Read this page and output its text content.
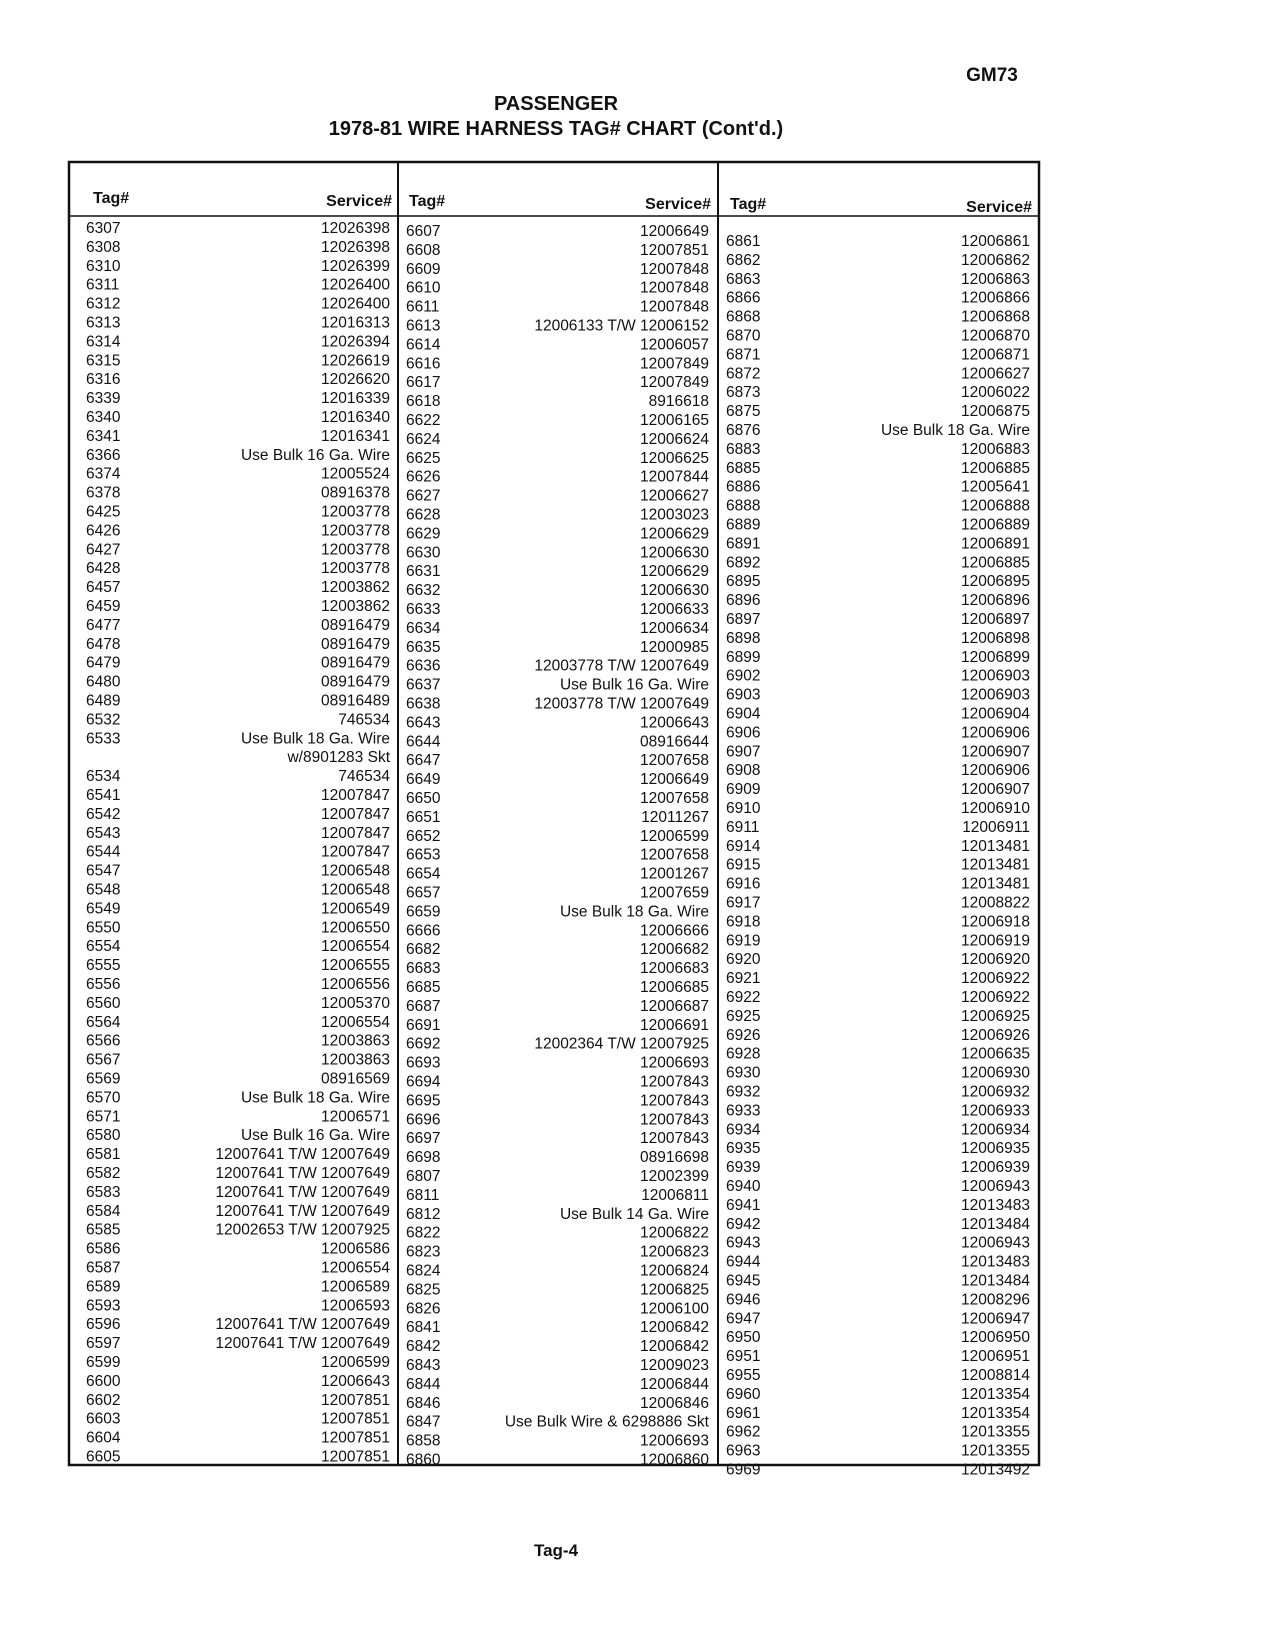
GM73
PASSENGER
1978-81 WIRE HARNESS TAG# CHART (Cont'd.)
Tag#	Service# Tag#	Service# Tag#	Service#
6307	12026398
6308	12026398
6310	12026399
6311	12026400
6312	12026400
6313	12016313
6314	12026394
6315	12026619
6316	12026620
6339	12016339
6340	12016340
6341	12016341
6366	Use Bulk 16 Ga. Wire
6374	12005524
6378	08916378
6425	12003778
6426	12003778
6427	12003778
6428	12003778
6457	12003862
6459	12003862
6477	08916479
6478	08916479
6479	08916479
6480	08916479
6489	08916489
6532	746534
6533	Use Bulk 18 Ga. Wire
w/8901283 Skt
6534	746534
6541	12007847
6542	12007847
6543	12007847
6544	12007847
6547	12006548
6548	12006548
6549	12006549
6550	12006550
6554	12006554
6555	12006555
6556	12006556
6560	12005370
6564	12006554
6566	12003863
6567	12003863
6569	08916569
6570	Use Bulk 18 Ga. Wire
6571	12006571
6580	Use Bulk 16 Ga. Wire
6581	12007641 T/W 12007649
6582	12007641 T/W 12007649
6583	12007641 T/W 12007649
6584	12007641 T/W 12007649
6585	12002653 T/W 12007925
6586	12006586
6587	12006554
6589	12006589
6593	12006593
6596	12007641 T/W 12007649
6597	12007641 T/W 12007649
6599	12006599
6600	12006643
6602	12007851
6603	12007851
6604	12007851
6605	12007851
6607	12006649
6608	12007851
6609	12007848
6610	12007848
6611	12007848
6613	12006133 T/W 12006152
6614	12006057
6616	12007849
6617	12007849
6618	8916618
6622	12006165
6624	12006624
6625	12006625
6626	12007844
6627	12006627
6628	12003023
6629	12006629
6630	12006630
6631	12006629
6632	12006630
6633	12006633
6634	12006634
6635	12000985
6636	12003778 T/W 12007649
6637	Use Bulk 16 Ga. Wire
6638	12003778 T/W 12007649
6643	12006643
6644	08916644
6647	12007658
6649	12006649
6650	12007658
6651	12011267
6652	12006599
6653	12007658
6654	12001267
6657	12007659
6659	Use Bulk 18 Ga. Wire
6666	12006666
6682	12006682
6683	12006683
6685	12006685
6687	12006687
6691	12006691
6692	12002364 T/W 12007925
6693	12006693
6694	12007843
6695	12007843
6696	12007843
6697	12007843
6698	08916698
6807	12002399
6811	12006811
6812	Use Bulk 14 Ga. Wire
6822	12006822
6823	12006823
6824	12006824
6825	12006825
6826	12006100
6841	12006842
6842	12006842
6843	12009023
6844	12006844
6846	12006846
6847	Use Bulk Wire & 6298886 Skt
6858	12006693
6860	12006860
6861	12006861
6862	12006862
6863	12006863
6866	12006866
6868	12006868
6870	12006870
6871	12006871
6872	12006627
6873	12006022
6875	12006875
6876	Use Bulk 18 Ga. Wire
6883	12006883
6885	12006885
6886	12005641
6888	12006888
6889	12006889
6891	12006891
6892	12006885
6895	12006895
6896	12006896
6897	12006897
6898	12006898
6899	12006899
6902	12006903
6903	12006903
6904	12006904
6906	12006906
6907	12006907
6908	12006906
6909	12006907
6910	12006910
6911	12006911
6914	12013481
6915	12013481
6916	12013481
6917	12008822
6918	12006918
6919	12006919
6920	12006920
6921	12006922
6922	12006922
6925	12006925
6926	12006926
6928	12006635
6930	12006930
6932	12006932
6933	12006933
6934	12006934
6935	12006935
6939	12006939
6940	12006943
6941	12013483
6942	12013484
6943	12006943
6944	12013483
6945	12013484
6946	12008296
6947	12006947
6950	12006950
6951	12006951
6955	12008814
6960	12013354
6961	12013354
6962	12013355
6963	12013355
6969	12013492
Tag-4
